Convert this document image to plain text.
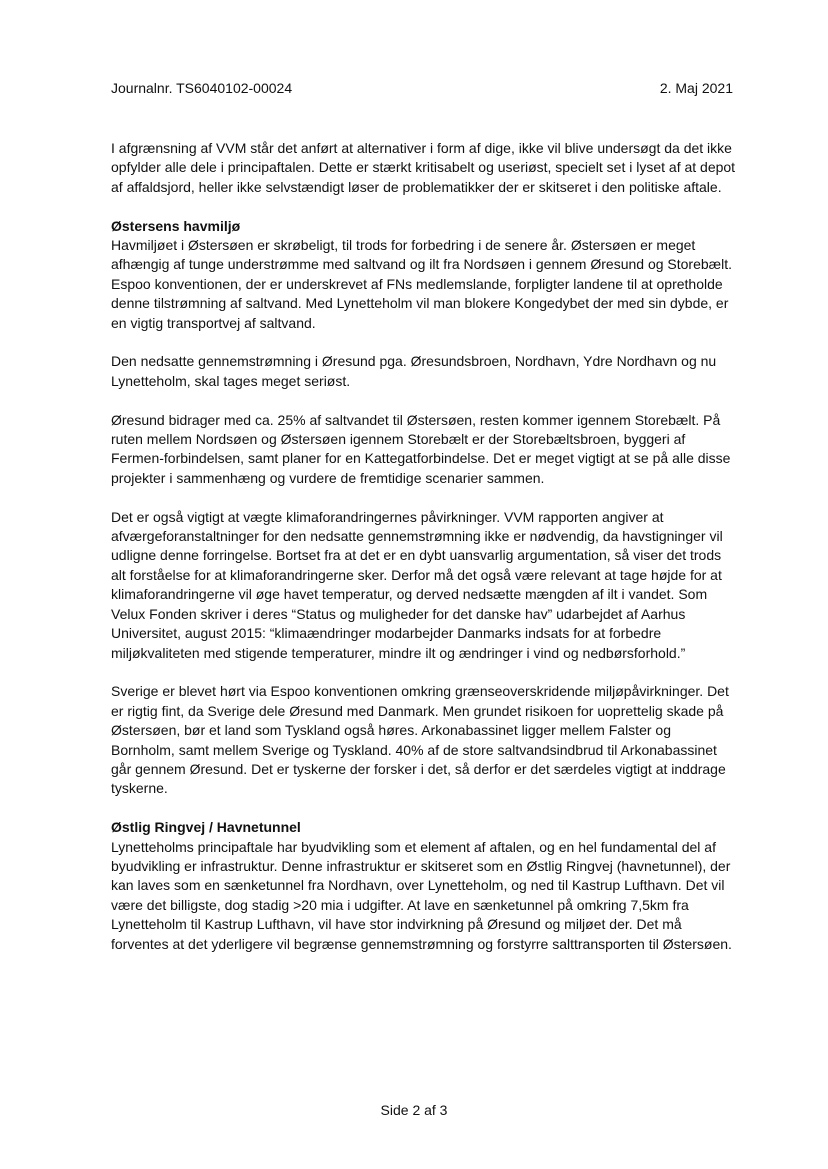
Journalnr. TS6040102-00024	2. Maj 2021

I afgrænsning af VVM står det anført at alternativer i form af dige, ikke vil blive undersøgt da det ikke opfylder alle dele i principaftalen. Dette er stærkt kritisabelt og useriøst, specielt set i lyset af at depot af affaldsjord, heller ikke selvstændigt løser de problematikker der er skitseret i den politiske aftale.

Østersens havmiljø

Havmiljøet i Østersøen er skrøbeligt, til trods for forbedring i de senere år. Østersøen er meget afhængig af tunge understrømme med saltvand og ilt fra Nordsøen i gennem Øresund og Storebælt. Espoo konventionen, der er underskrevet af FNs medlemslande, forpligter landene til at opretholde denne tilstrømning af saltvand. Med Lynetteholm vil man blokere Kongedybet der med sin dybde, er en vigtig transportvej af saltvand.

Den nedsatte gennemstrømning i Øresund pga. Øresundsbroen, Nordhavn, Ydre Nordhavn og nu Lynetteholm, skal tages meget seriøst.

Øresund bidrager med ca. 25% af saltvandet til Østersøen, resten kommer igennem Storebælt. På ruten mellem Nordsøen og Østersøen igennem Storebælt er der Storebæltsbroen, byggeri af Fermen-forbindelsen, samt planer for en Kattegatforbindelse. Det er meget vigtigt at se på alle disse projekter i sammenhæng og vurdere de fremtidige scenarier sammen.

Det er også vigtigt at vægte klimaforandringernes påvirkninger. VVM rapporten angiver at afværgeforanstaltninger for den nedsatte gennemstrømning ikke er nødvendig, da havstigninger vil udligne denne forringelse. Bortset fra at det er en dybt uansvarlig argumentation, så viser det trods alt forståelse for at klimaforandringerne sker. Derfor må det også være relevant at tage højde for at klimaforandringerne vil øge havet temperatur, og derved nedsætte mængden af ilt i vandet. Som Velux Fonden skriver i deres “Status og muligheder for det danske hav” udarbejdet af Aarhus Universitet, august 2015: “klimaændringer modarbejder Danmarks indsats for at forbedre miljøkvaliteten med stigende temperaturer, mindre ilt og ændringer i vind og nedbørsforhold.”

Sverige er blevet hørt via Espoo konventionen omkring grænseoverskridende miljøpåvirkninger. Det er rigtig fint, da Sverige dele Øresund med Danmark. Men grundet risikoen for uoprettelig skade på Østersøen, bør et land som Tyskland også høres. Arkonabassinet ligger mellem Falster og Bornholm, samt mellem Sverige og Tyskland. 40% af de store saltvandsindbrud til Arkonabassinet går gennem Øresund. Det er tyskerne der forsker i det, så derfor er det særdeles vigtigt at inddrage tyskerne.

Østlig Ringvej / Havnetunnel

Lynetteholms principaftale har byudvikling som et element af aftalen, og en hel fundamental del af byudvikling er infrastruktur. Denne infrastruktur er skitseret som en Østlig Ringvej (havnetunnel), der kan laves som en sænketunnel fra Nordhavn, over Lynetteholm, og ned til Kastrup Lufthavn. Det vil være det billigste, dog stadig >20 mia i udgifter. At lave en sænketunnel på omkring 7,5km fra Lynetteholm til Kastrup Lufthavn, vil have stor indvirkning på Øresund og miljøet der. Det må forventes at det yderligere vil begrænse gennemstrømning og forstyrre salttransporten til Østersøen.

Side 2 af 3
